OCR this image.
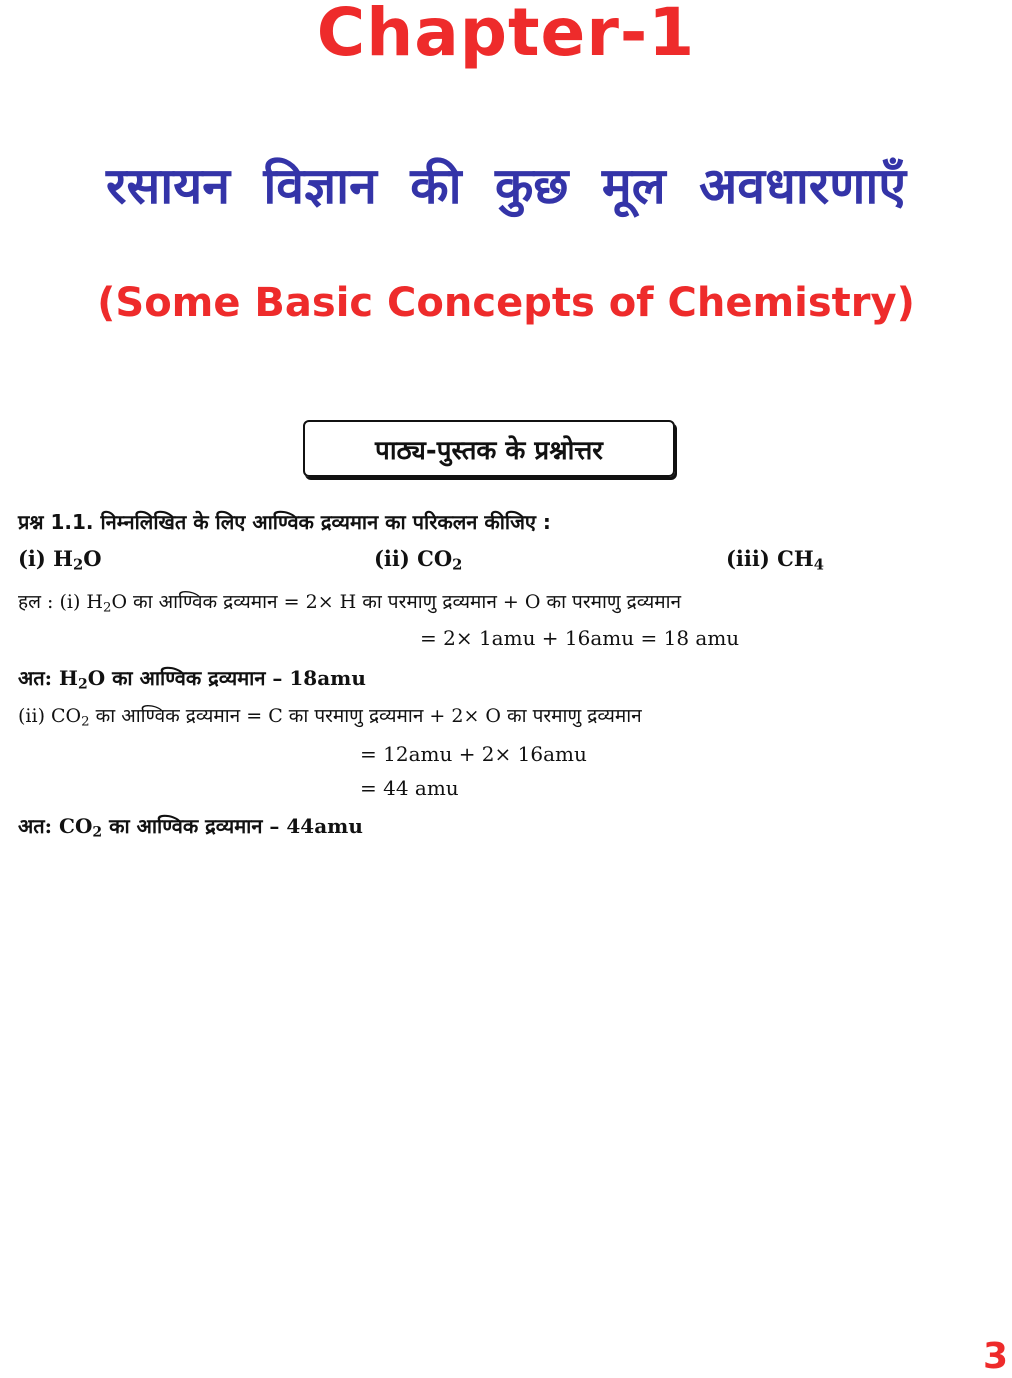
Chapter-1
रसायन विज्ञान की कुछ मूल अवधारणाएँ
(Some Basic Concepts of Chemistry)
पाठ्य-पुस्तक के प्रश्नोत्तर
प्रश्न 1.1. निम्नलिखित के लिए आण्विक द्रव्यमान का परिकलन कीजिए :
(i) $H_2O$	(ii) $CO_2$	(iii) $CH_4$
हल : (i) $H_2O$ का आण्विक द्रव्यमान = 2× H का परमाणु द्रव्यमान + O का परमाणु द्रव्यमान
= 2× 1amu + 16amu = 18 amu
अत: $H_2O$ का आण्विक द्रव्यमान – 18amu
(ii) $CO_2$ का आण्विक द्रव्यमान = C का परमाणु द्रव्यमान + 2× O का परमाणु द्रव्यमान
= 12amu + 2× 16amu
= 44 amu
अत: $CO_2$ का आण्विक द्रव्यमान – 44amu
3
